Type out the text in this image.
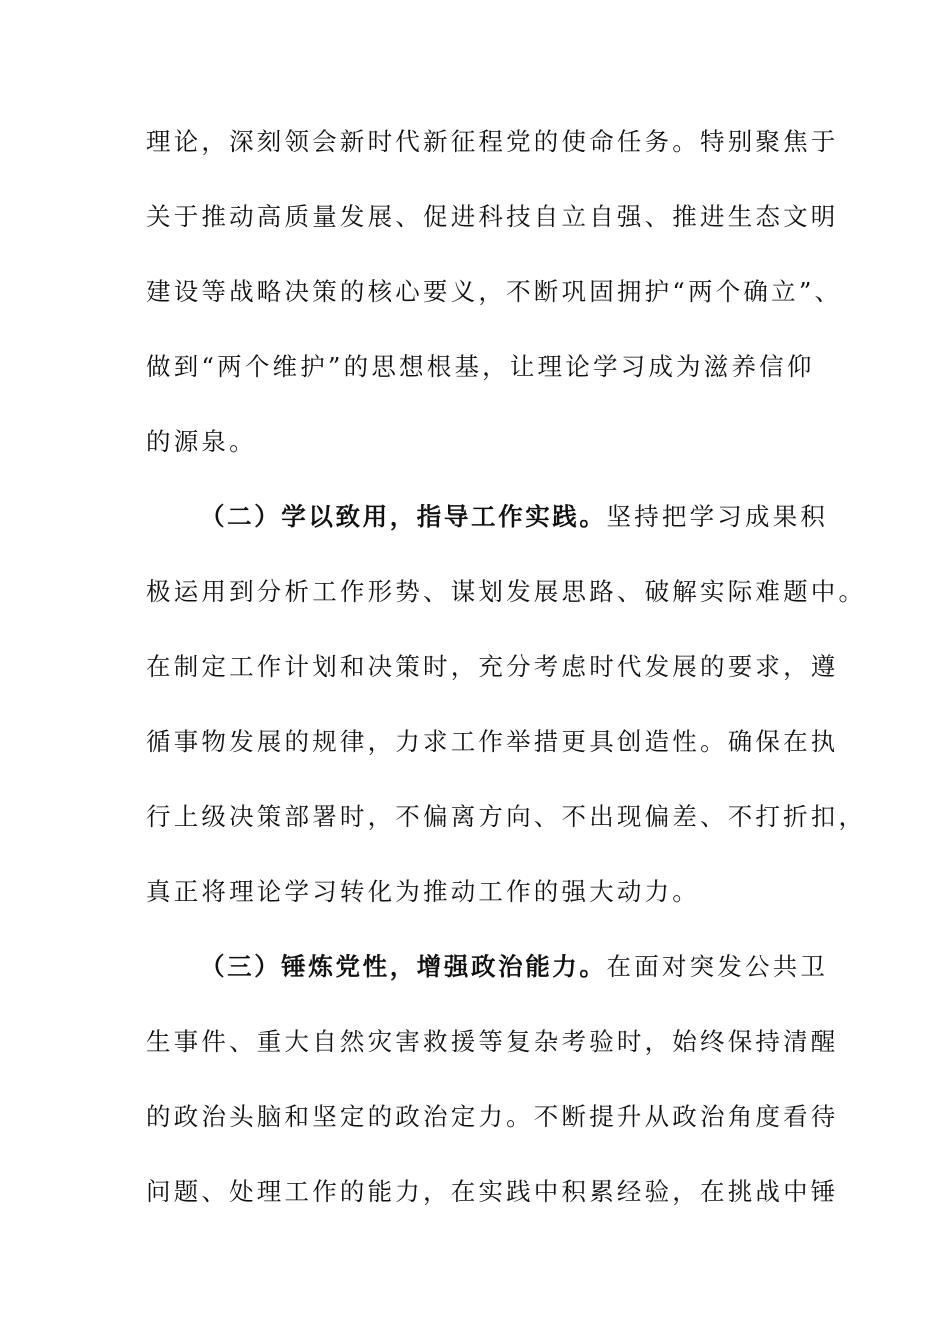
理论，深刻领会新时代新征程党的使命任务。特别聚焦于
关于推动高质量发展、促进科技自立自强、推进生态文明
建设等战略决策的核心要义，不断巩固拥护“两个确立”、
做到“两个维护”的思想根基，让理论学习成为滋养信仰
的源泉。
（二）学以致用，指导工作实践。坚持把学习成果积
极运用到分析工作形势、谋划发展思路、破解实际难题中。
在制定工作计划和决策时，充分考虑时代发展的要求，遵
循事物发展的规律，力求工作举措更具创造性。确保在执
行上级决策部署时，不偏离方向、不出现偏差、不打折扣，
真正将理论学习转化为推动工作的强大动力。
（三）锤炼党性，增强政治能力。在面对突发公共卫
生事件、重大自然灾害救援等复杂考验时，始终保持清醒
的政治头脑和坚定的政治定力。不断提升从政治角度看待
问题、处理工作的能力，在实践中积累经验，在挑战中锤
